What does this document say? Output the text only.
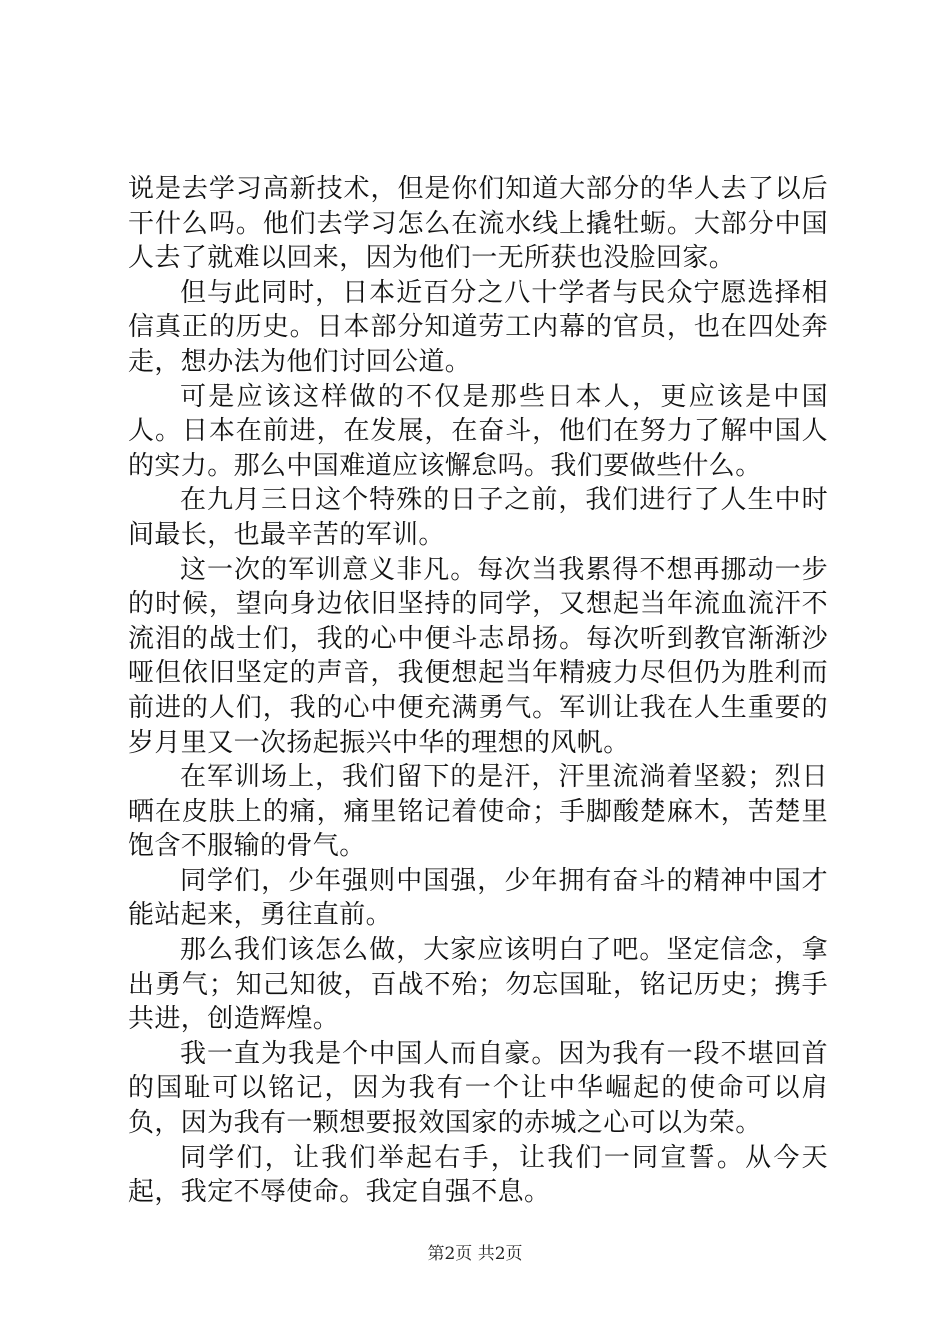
说是去学习高新技术，但是你们知道大部分的华人去了以后干什么吗。他们去学习怎么在流水线上撬牡蛎。大部分中国人去了就难以回来，因为他们一无所获也没脸回家。

但与此同时，日本近百分之八十学者与民众宁愿选择相信真正的历史。日本部分知道劳工内幕的官员，也在四处奔走，想办法为他们讨回公道。

可是应该这样做的不仅是那些日本人，更应该是中国人。日本在前进，在发展，在奋斗，他们在努力了解中国人的实力。那么中国难道应该懈怠吗。我们要做些什么。

在九月三日这个特殊的日子之前，我们进行了人生中时间最长，也最辛苦的军训。

这一次的军训意义非凡。每次当我累得不想再挪动一步的时候，望向身边依旧坚持的同学，又想起当年流血流汗不流泪的战士们，我的心中便斗志昂扬。每次听到教官渐渐沙哑但依旧坚定的声音，我便想起当年精疲力尽但仍为胜利而前进的人们，我的心中便充满勇气。军训让我在人生重要的岁月里又一次扬起振兴中华的理想的风帆。

在军训场上，我们留下的是汗，汗里流淌着坚毅；烈日晒在皮肤上的痛，痛里铭记着使命；手脚酸楚麻木，苦楚里饱含不服输的骨气。

同学们，少年强则中国强，少年拥有奋斗的精神中国才能站起来，勇往直前。

那么我们该怎么做，大家应该明白了吧。坚定信念，拿出勇气；知己知彼，百战不殆；勿忘国耻，铭记历史；携手共进，创造辉煌。

我一直为我是个中国人而自豪。因为我有一段不堪回首的国耻可以铭记，因为我有一个让中华崛起的使命可以肩负，因为我有一颗想要报效国家的赤城之心可以为荣。

同学们，让我们举起右手，让我们一同宣誓。从今天起，我定不辱使命。我定自强不息。

第2页 共2页
